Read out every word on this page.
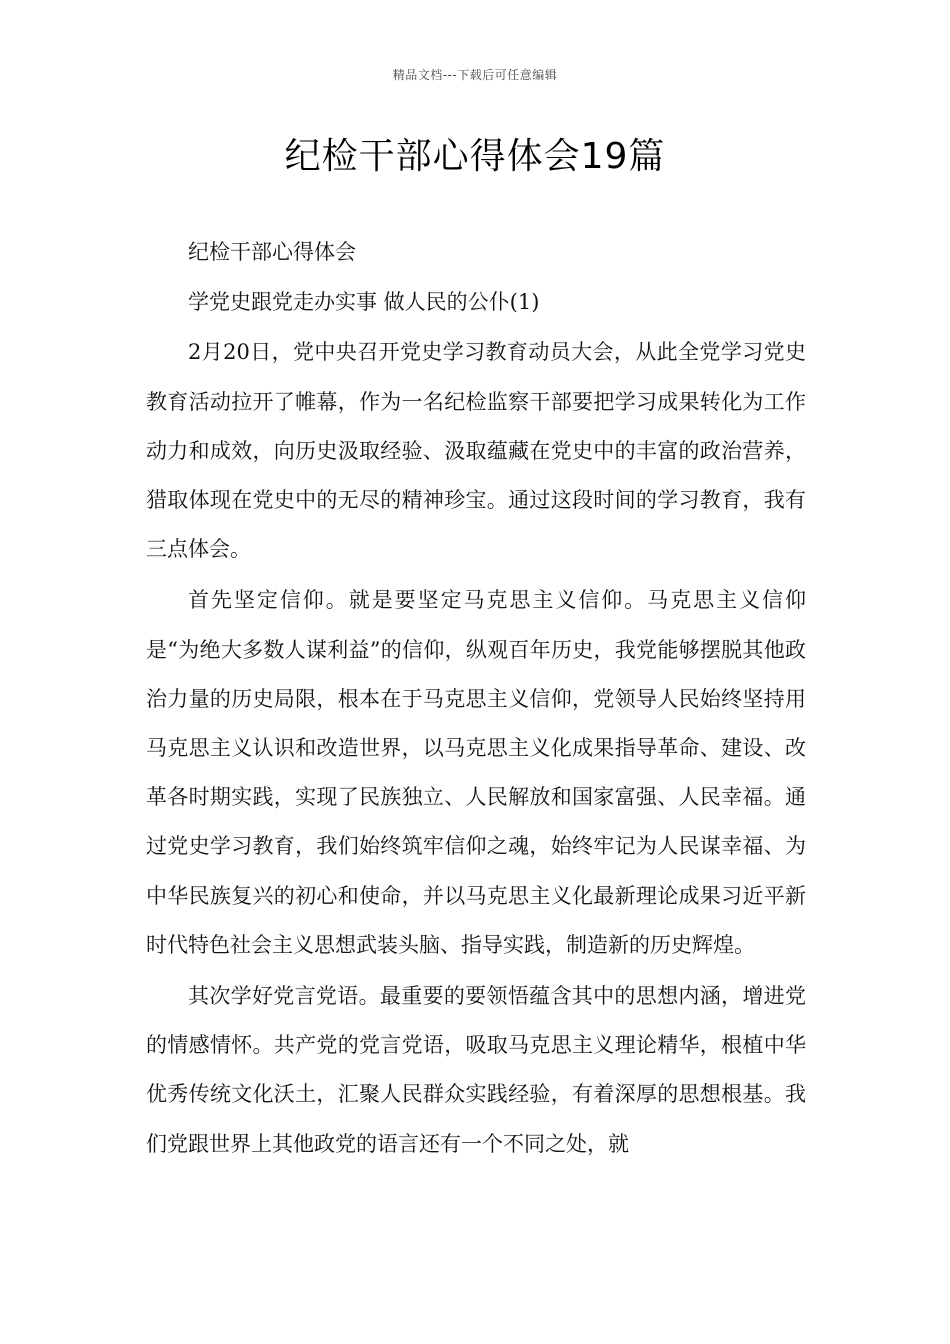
精品文档---下载后可任意编辑
纪检干部心得体会19篇

纪检干部心得体会

学党史跟党走办实事 做人民的公仆(1)

2月20日，党中央召开党史学习教育动员大会，从此全党学习党史教育活动拉开了帷幕，作为一名纪检监察干部要把学习成果转化为工作动力和成效，向历史汲取经验、汲取蕴藏在党史中的丰富的政治营养，猎取体现在党史中的无尽的精神珍宝。通过这段时间的学习教育，我有三点体会。

首先坚定信仰。就是要坚定马克思主义信仰。马克思主义信仰是“为绝大多数人谋利益”的信仰，纵观百年历史，我党能够摆脱其他政治力量的历史局限，根本在于马克思主义信仰，党领导人民始终坚持用马克思主义认识和改造世界，以马克思主义化成果指导革命、建设、改革各时期实践，实现了民族独立、人民解放和国家富强、人民幸福。通过党史学习教育，我们始终筑牢信仰之魂，始终牢记为人民谋幸福、为中华民族复兴的初心和使命，并以马克思主义化最新理论成果习近平新时代特色社会主义思想武装头脑、指导实践，制造新的历史辉煌。

其次学好党言党语。最重要的要领悟蕴含其中的思想内涵，增进党的情感情怀。共产党的党言党语，吸取马克思主义理论精华，根植中华优秀传统文化沃土，汇聚人民群众实践经验，有着深厚的思想根基。我们党跟世界上其他政党的语言还有一个不同之处，就
